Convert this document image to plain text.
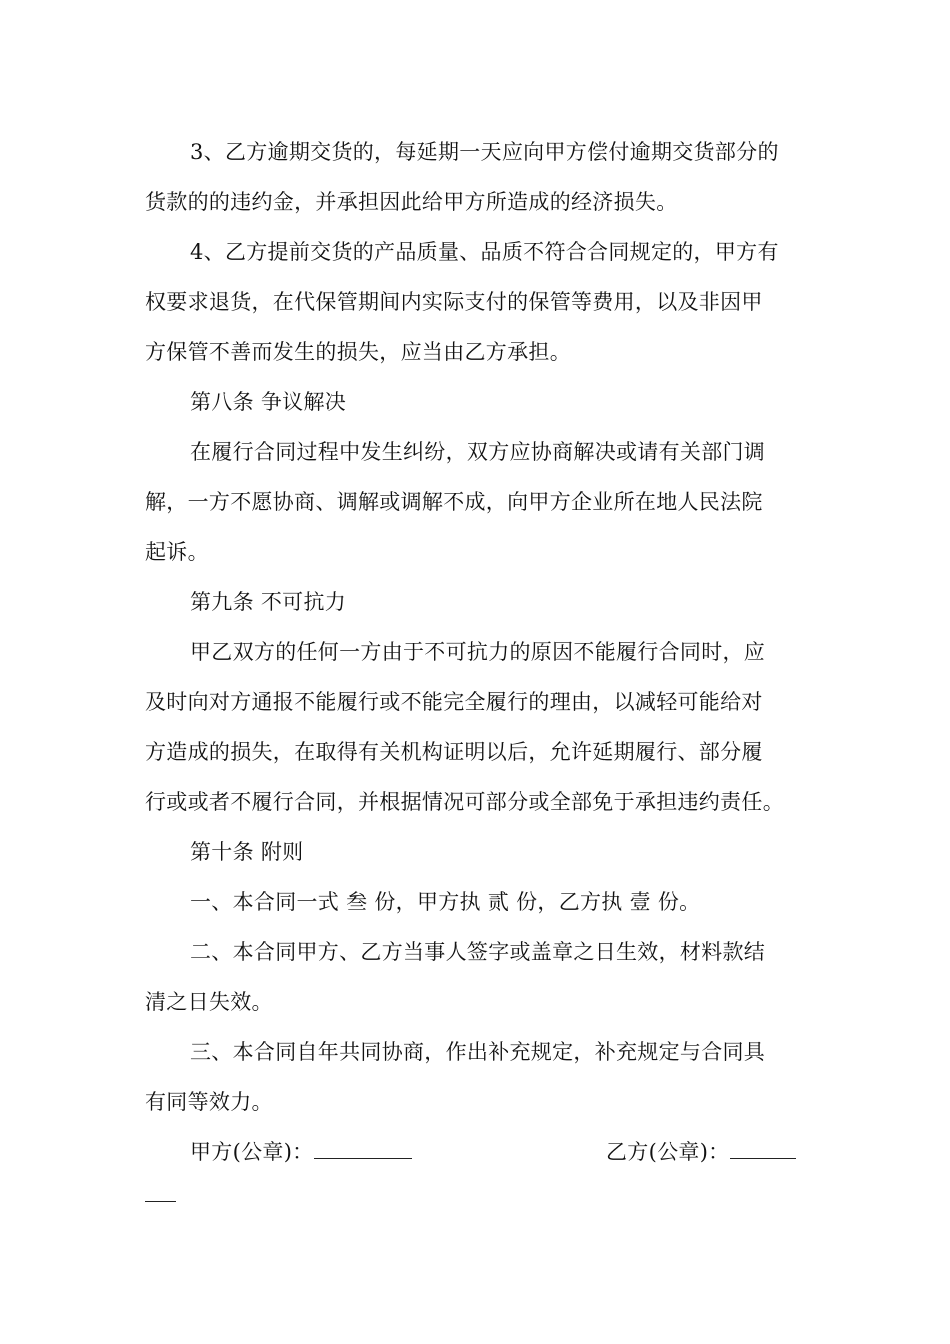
3、乙方逾期交货的，每延期一天应向甲方偿付逾期交货部分的
货款的的违约金，并承担因此给甲方所造成的经济损失。
4、乙方提前交货的产品质量、品质不符合合同规定的，甲方有
权要求退货，在代保管期间内实际支付的保管等费用，以及非因甲
方保管不善而发生的损失，应当由乙方承担。
第八条 争议解决
在履行合同过程中发生纠纷，双方应协商解决或请有关部门调
解，一方不愿协商、调解或调解不成，向甲方企业所在地人民法院
起诉。
第九条 不可抗力
甲乙双方的任何一方由于不可抗力的原因不能履行合同时，应
及时向对方通报不能履行或不能完全履行的理由，以减轻可能给对
方造成的损失，在取得有关机构证明以后，允许延期履行、部分履
行或或者不履行合同，并根据情况可部分或全部免于承担违约责任。
第十条 附则
一、本合同一式 叁 份，甲方执 贰 份，乙方执 壹 份。
二、本合同甲方、乙方当事人签字或盖章之日生效，材料款结
清之日失效。
三、本合同自年共同协商，作出补充规定，补充规定与合同具
有同等效力。
甲方(公章)：	乙方(公章)：
